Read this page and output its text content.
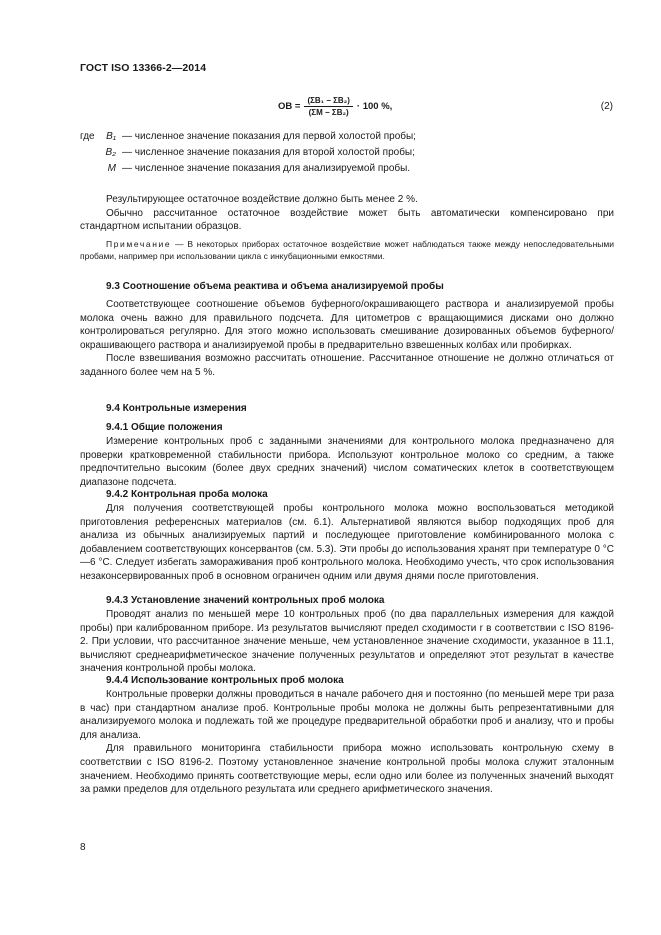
ГОСТ ISO 13366-2—2014
ОВ = $\frac{\text{(ΣB₁ − ΣB₂)}}{\text{(ΣM − ΣB₂)}} \cdot 100$ %,	(2)
где	B₁ — численное значение показания для первой холостой пробы;
B₂ — численное значение показания для второй холостой пробы;
M — численное значение показания для анализируемой пробы.

Результирующее остаточное воздействие должно быть менее 2 %.

Обычно рассчитанное остаточное воздействие может быть автоматически компенсировано при стандартном испытании образцов.

Примечание — В некоторых приборах остаточное воздействие может наблюдаться также между непоследовательными пробами, например при использовании цикла с инкубационными емкостями.

9.3 Соотношение объема реактива и объема анализируемой пробы

Соответствующее соотношение объемов буферного/окрашивающего раствора и анализируемой пробы молока очень важно для правильного подсчета. Для цитометров с вращающимися дисками оно должно контролироваться регулярно. Для этого можно использовать смешивание дозированных объемов буферного/окрашивающего раствора и анализируемой пробы в предварительно взвешенных колбах или пробирках.

После взвешивания возможно рассчитать отношение. Рассчитанное отношение не должно отличаться от заданного более чем на 5 %.

9.4 Контрольные измерения
9.4.1 Общие положения

Измерение контрольных проб с заданными значениями для контрольного молока предназначено для проверки кратковременной стабильности прибора. Используют контрольное молоко со средним, а также предпочтительно высоким (более двух средних значений) числом соматических клеток в соответствующем диапазоне подсчета.

9.4.2 Контрольная проба молока

Для получения соответствующей пробы контрольного молока можно воспользоваться методикой приготовления референсных материалов (см. 6.1). Альтернативой являются выбор подходящих проб для анализа из обычных анализируемых партий и последующее приготовление комбинированного молока с добавлением соответствующих консервантов (см. 5.3). Эти пробы до использования хранят при температуре 0 °C—6 °C. Следует избегать замораживания проб контрольного молока. Необходимо учесть, что срок использования незаконсервированных проб в основном ограничен одним или двумя днями после приготовления.

9.4.3 Установление значений контрольных проб молока

Проводят анализ по меньшей мере 10 контрольных проб (по два параллельных измерения для каждой пробы) при калиброванном приборе. Из результатов вычисляют предел сходимости r в соответствии с ISO 8196-2. При условии, что рассчитанное значение меньше, чем установленное значение сходимости, указанное в 11.1, вычисляют среднеарифметическое значение полученных результатов и определяют этот результат в качестве значения контрольной пробы молока.

9.4.4 Использование контрольных проб молока

Контрольные проверки должны проводиться в начале рабочего дня и постоянно (по меньшей мере три раза в час) при стандартном анализе проб. Контрольные пробы молока не должны быть репрезентативными для анализируемого молока и подлежать той же процедуре предварительной обработки проб и анализу, что и пробы для анализа.

Для правильного мониторинга стабильности прибора можно использовать контрольную схему в соответствии с ISO 8196-2. Поэтому установленное значение контрольной пробы молока служит эталонным значением. Необходимо принять соответствующие меры, если одно или более из полученных значений выходят за рамки пределов для отдельного результата или среднего арифметического значения.

8
